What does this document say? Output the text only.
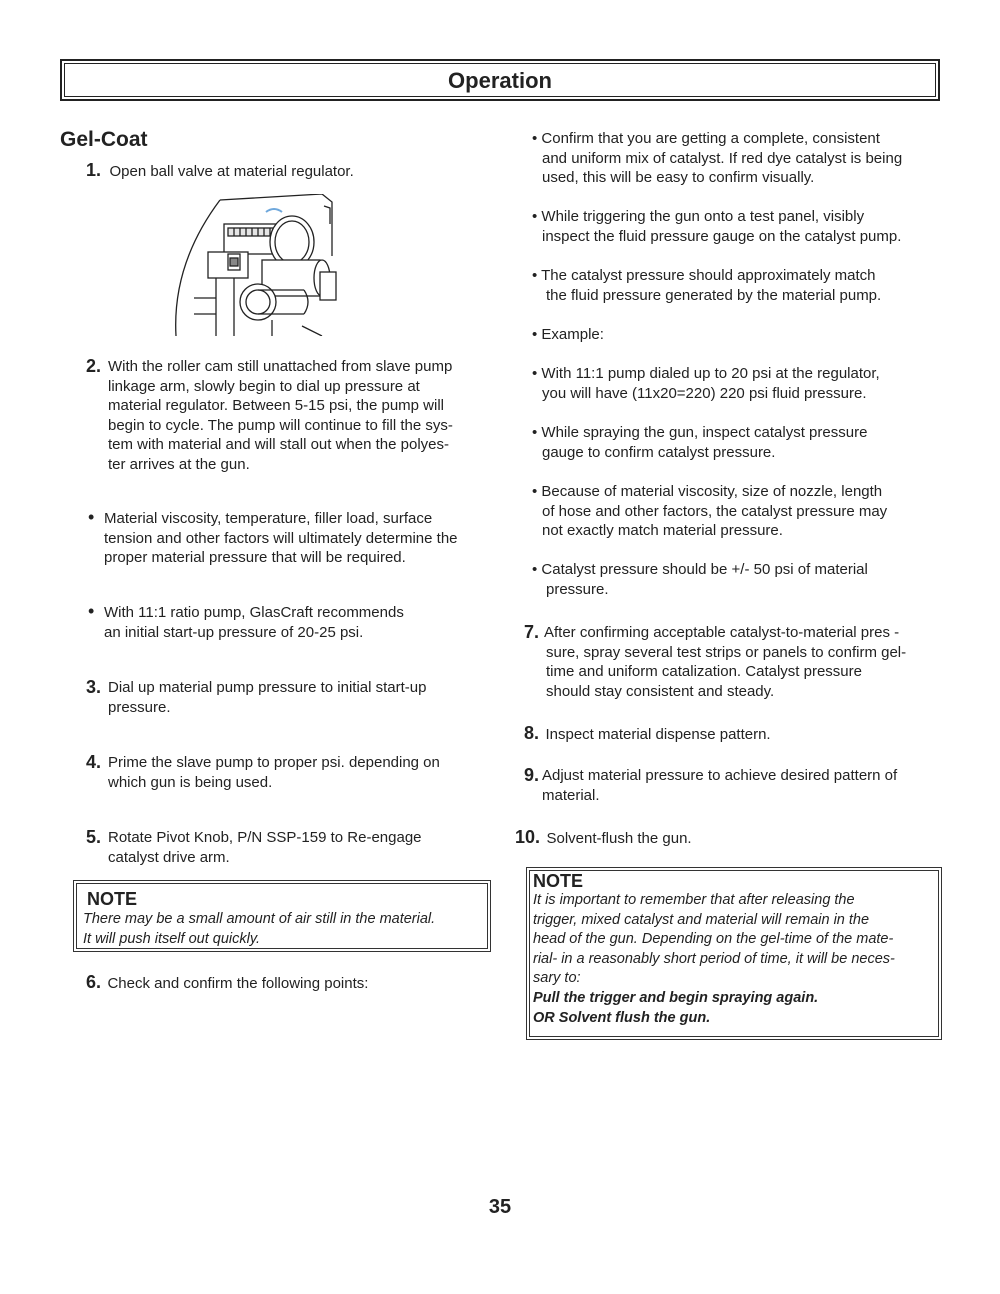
Operation
Gel-Coat
1. Open ball valve at material regulator.
2. With the roller cam still unattached from slave pump
linkage arm, slowly begin to dial up pressure at
material regulator. Between 5-15 psi, the pump will
begin to cycle. The pump will continue to fill the sys-
tem with material and will stall out when the polyes-
ter arrives at the gun.
• Material viscosity, temperature, filler load, surface
tension and other factors will ultimately determine the
proper material pressure that will be required.
• With 11:1 ratio pump, GlasCraft recommends
an initial start-up pressure of 20-25 psi.
3. Dial up material pump pressure to initial start-up
pressure.
4. Prime the slave pump to proper psi. depending on
which gun is being used.
5. Rotate Pivot Knob, P/N SSP-159 to Re-engage
catalyst drive arm.
NOTE
There may be a small amount of air still in the material.
It will push itself out quickly.
6. Check and confirm the following points:
• Confirm that you are getting a complete, consistent
and uniform mix of catalyst. If red dye catalyst is being
used, this will be easy to confirm visually.
• While triggering the gun onto a test panel, visibly
inspect the fluid pressure gauge on the catalyst pump.
• The catalyst pressure should approximately match
the fluid pressure generated by the material pump.
• Example:
• With 11:1 pump dialed up to 20 psi at the regulator,
you will have (11x20=220) 220 psi fluid pressure.
• While spraying the gun, inspect catalyst pressure
gauge to confirm catalyst pressure.
• Because of material viscosity, size of nozzle, length
of hose and other factors, the catalyst pressure may
not exactly match material pressure.
• Catalyst pressure should be +/- 50 psi of material
pressure.
7. After confirming acceptable catalyst-to-material pres -
sure, spray several test strips or panels to confirm gel-
time and uniform catalization. Catalyst pressure
should stay consistent and steady.
8. Inspect material dispense pattern.
9. Adjust material pressure to achieve desired pattern of
material.
10. Solvent-flush the gun.
NOTE
It is important to remember that after releasing the
trigger, mixed catalyst and material will remain in the
head of the gun. Depending on the gel-time of the mate-
rial- in a reasonably short period of time, it will be neces-
sary to:
Pull the trigger and begin spraying again.
OR Solvent flush the gun.
35
